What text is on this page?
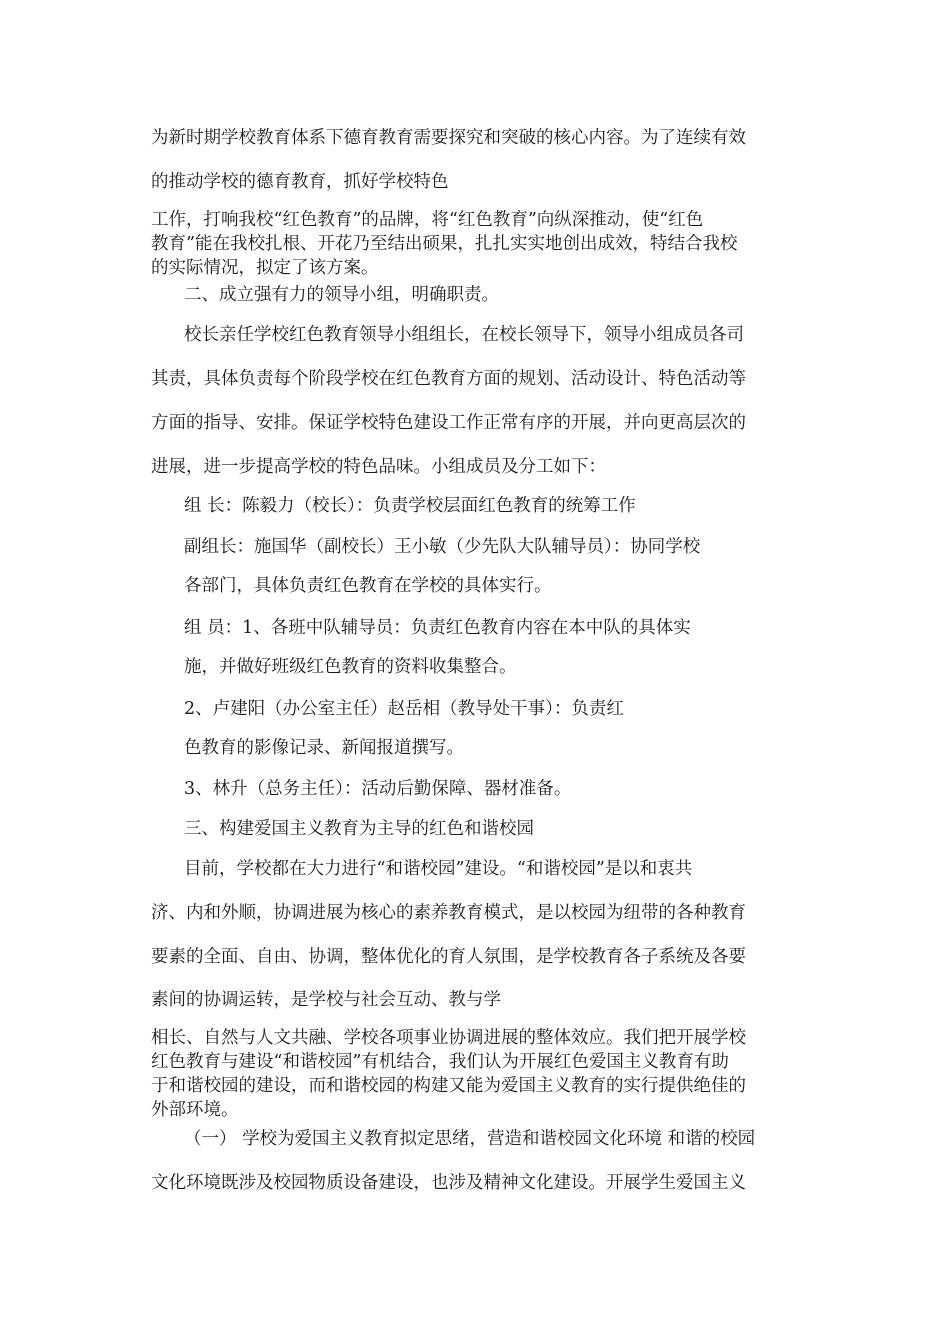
为新时期学校教育体系下德育教育需要探究和突破的核心内容。为了连续有效
的推动学校的德育教育，抓好学校特色
工作，打响我校“红色教育”的品牌，将“红色教育”向纵深推动，使“红色
教育”能在我校扎根、开花乃至结出硕果，扎扎实实地创出成效，特结合我校
的实际情况，拟定了该方案。
二、成立强有力的领导小组，明确职责。
校长亲任学校红色教育领导小组组长，在校长领导下，领导小组成员各司
其责，具体负责每个阶段学校在红色教育方面的规划、活动设计、特色活动等
方面的指导、安排。保证学校特色建设工作正常有序的开展，并向更高层次的
进展，进一步提高学校的特色品味。小组成员及分工如下：
组 长：陈毅力（校长）：负责学校层面红色教育的统筹工作
副组长：施国华（副校长）王小敏（少先队大队辅导员）：协同学校
各部门，具体负责红色教育在学校的具体实行。
组 员：1、各班中队辅导员：负责红色教育内容在本中队的具体实
施，并做好班级红色教育的资料收集整合。
2、卢建阳（办公室主任）赵岳相（教导处干事）：负责红
色教育的影像记录、新闻报道撰写。
3、林升（总务主任）：活动后勤保障、器材准备。
三、构建爱国主义教育为主导的红色和谐校园
目前，学校都在大力进行“和谐校园”建设。“和谐校园”是以和衷共
济、内和外顺，协调进展为核心的素养教育模式，是以校园为纽带的各种教育
要素的全面、自由、协调，整体优化的育人氛围，是学校教育各子系统及各要
素间的协调运转，是学校与社会互动、教与学
相长、自然与人文共融、学校各项事业协调进展的整体效应。我们把开展学校
红色教育与建设“和谐校园”有机结合，我们认为开展红色爱国主义教育有助
于和谐校园的建设，而和谐校园的构建又能为爱国主义教育的实行提供绝佳的
外部环境。
（一） 学校为爱国主义教育拟定思绪，营造和谐校园文化环境 和谐的校园
文化环境既涉及校园物质设备建设，也涉及精神文化建设。开展学生爱国主义
